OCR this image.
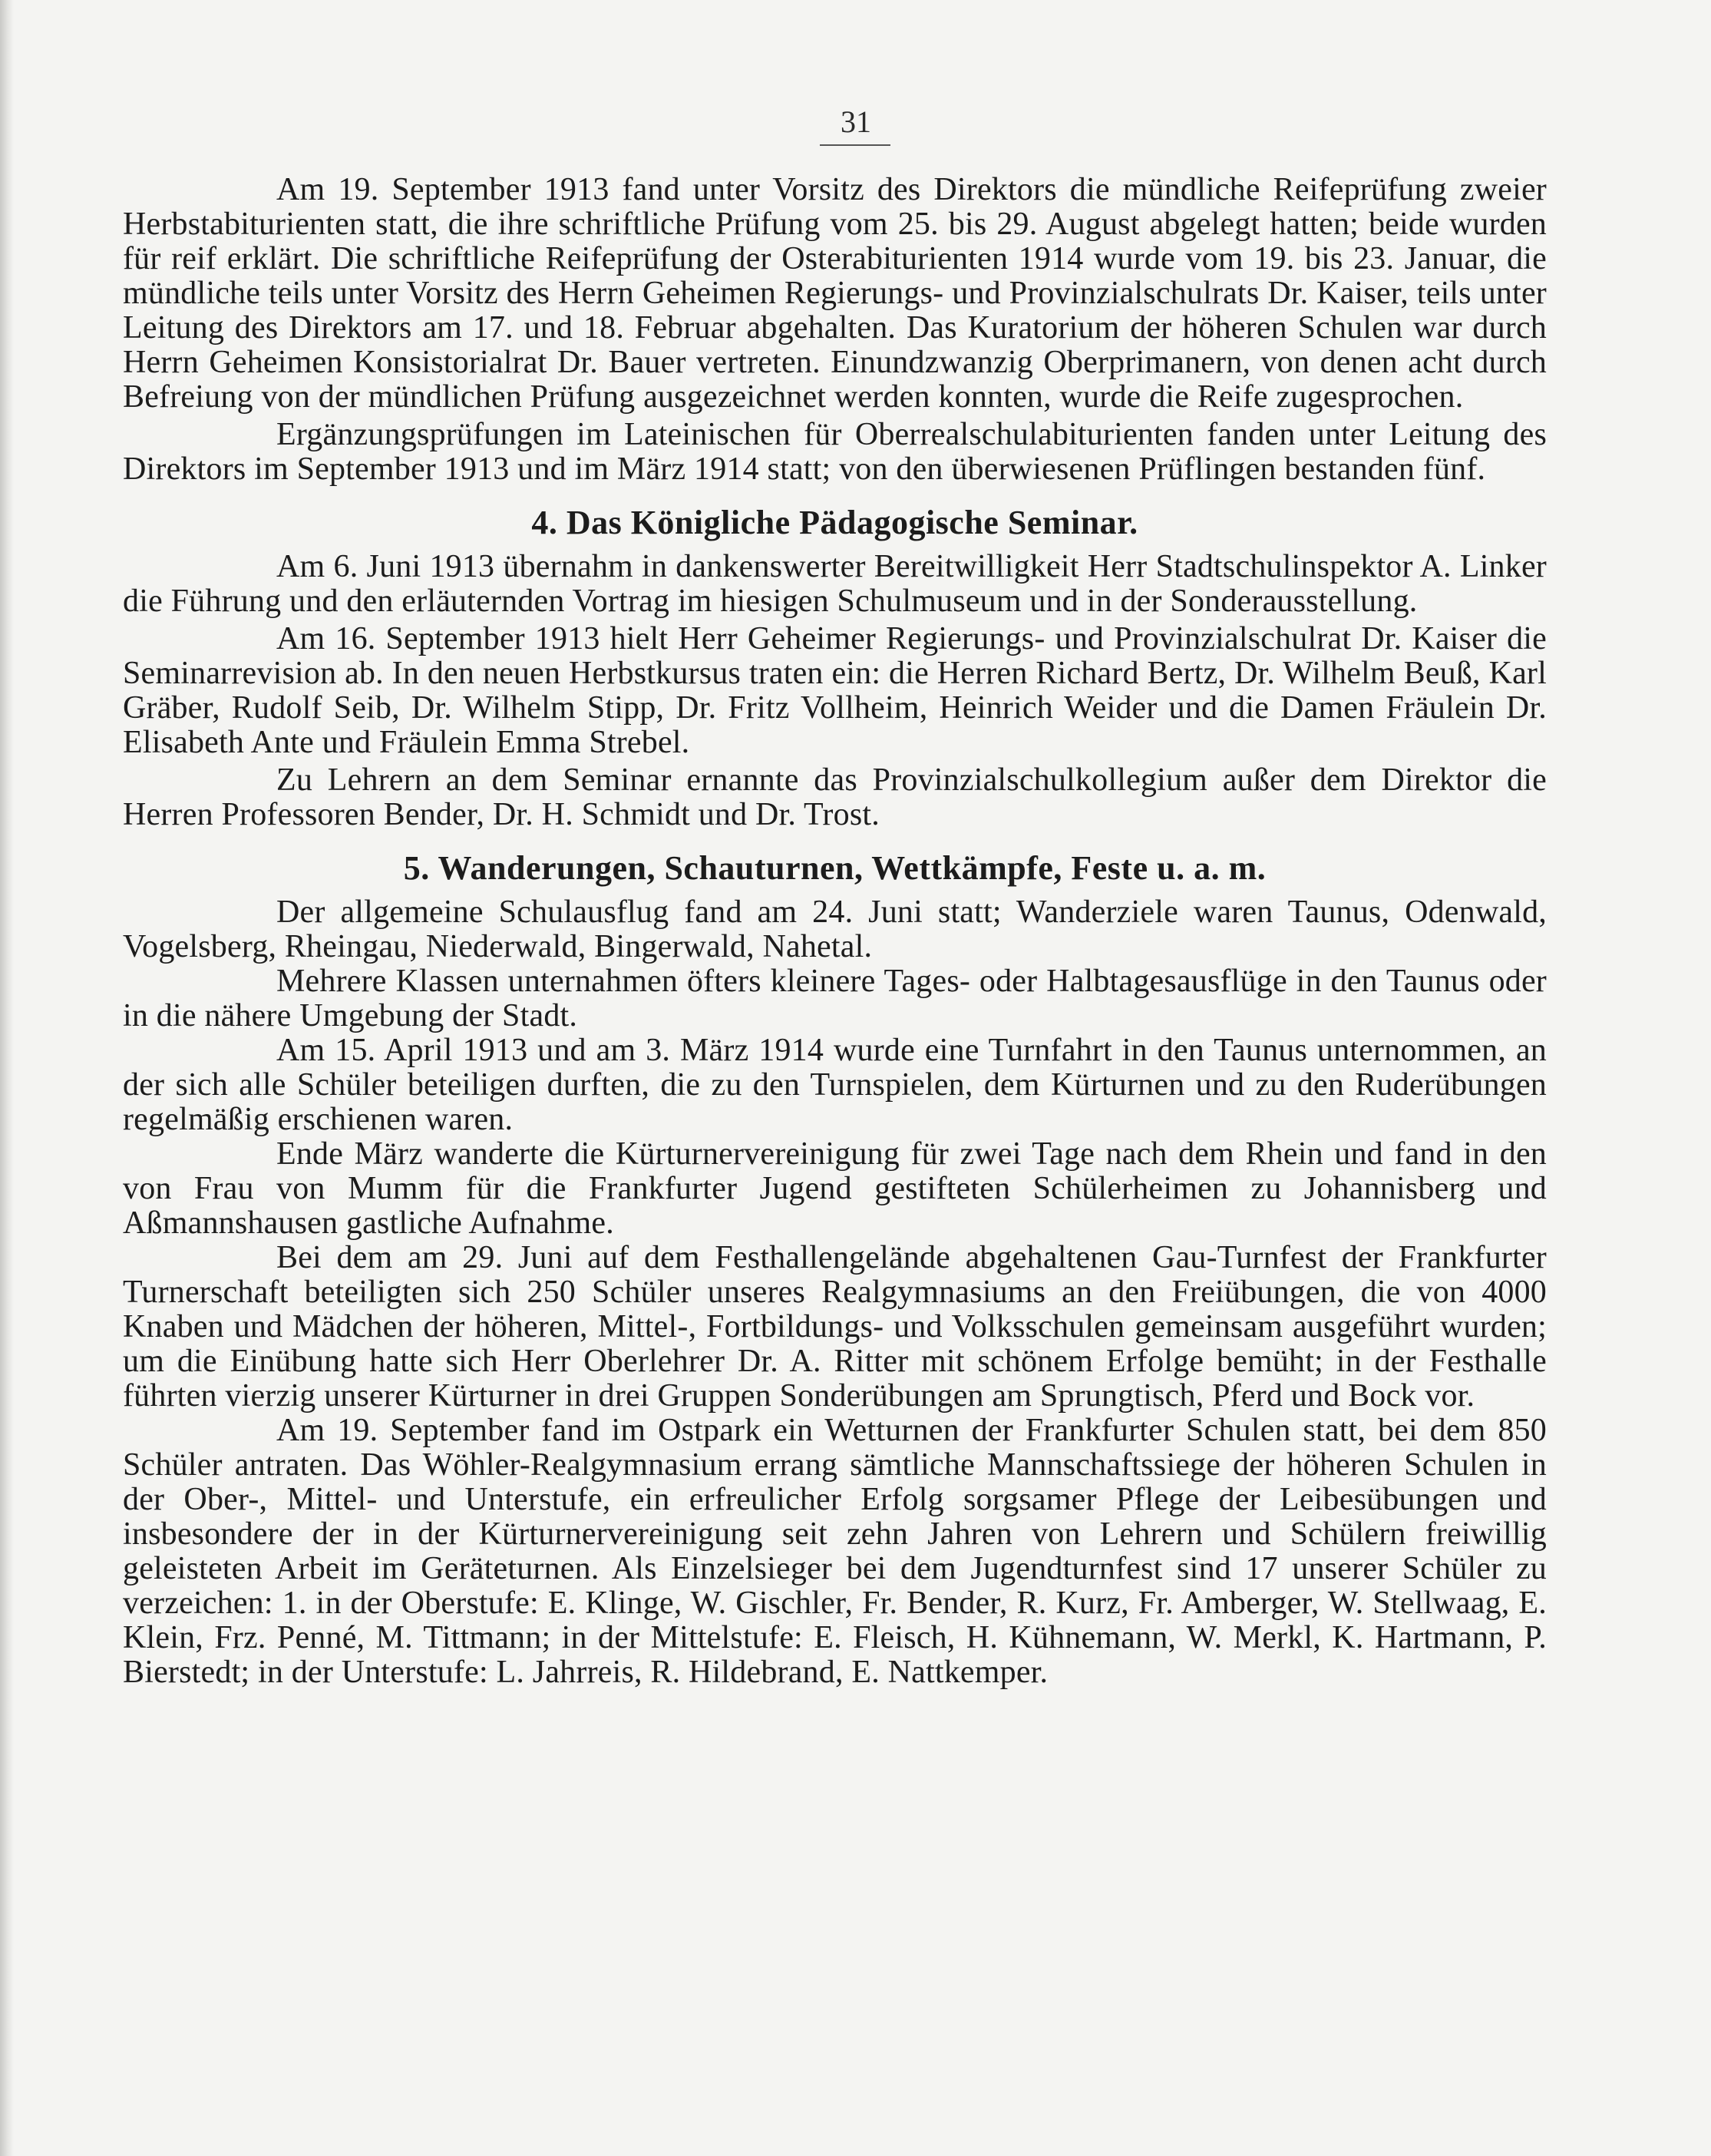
31

Am 19. September 1913 fand unter Vorsitz des Direktors die mündliche Reifeprüfung zweier Herbstabiturienten statt, die ihre schriftliche Prüfung vom 25. bis 29. August abgelegt hatten; beide wurden für reif erklärt. Die schriftliche Reifeprüfung der Osterabiturienten 1914 wurde vom 19. bis 23. Januar, die mündliche teils unter Vorsitz des Herrn Geheimen Regierungs- und Provinzialschulrats Dr. Kaiser, teils unter Leitung des Direktors am 17. und 18. Februar abgehalten. Das Kuratorium der höheren Schulen war durch Herrn Geheimen Konsistorialrat Dr. Bauer vertreten. Einundzwanzig Oberprimanern, von denen acht durch Befreiung von der mündlichen Prüfung ausgezeichnet werden konnten, wurde die Reife zugesprochen.

Ergänzungsprüfungen im Lateinischen für Oberrealschulabiturienten fanden unter Leitung des Direktors im September 1913 und im März 1914 statt; von den überwiesenen Prüflingen bestanden fünf.

4. Das Königliche Pädagogische Seminar.

Am 6. Juni 1913 übernahm in dankenswerter Bereitwilligkeit Herr Stadtschulinspektor A. Linker die Führung und den erläuternden Vortrag im hiesigen Schulmuseum und in der Sonderausstellung.

Am 16. September 1913 hielt Herr Geheimer Regierungs- und Provinzialschulrat Dr. Kaiser die Seminarrevision ab. In den neuen Herbstkursus traten ein: die Herren Richard Bertz, Dr. Wilhelm Beuß, Karl Gräber, Rudolf Seib, Dr. Wilhelm Stipp, Dr. Fritz Vollheim, Heinrich Weider und die Damen Fräulein Dr. Elisabeth Ante und Fräulein Emma Strebel.

Zu Lehrern an dem Seminar ernannte das Provinzialschulkollegium außer dem Direktor die Herren Professoren Bender, Dr. H. Schmidt und Dr. Trost.

5. Wanderungen, Schauturnen, Wettkämpfe, Feste u. a. m.

Der allgemeine Schulausflug fand am 24. Juni statt; Wanderziele waren Taunus, Odenwald, Vogelsberg, Rheingau, Niederwald, Bingerwald, Nahetal.

Mehrere Klassen unternahmen öfters kleinere Tages- oder Halbtagesausflüge in den Taunus oder in die nähere Umgebung der Stadt.

Am 15. April 1913 und am 3. März 1914 wurde eine Turnfahrt in den Taunus unternommen, an der sich alle Schüler beteiligen durften, die zu den Turnspielen, dem Kürturnen und zu den Ruderübungen regelmäßig erschienen waren.

Ende März wanderte die Kürturnervereinigung für zwei Tage nach dem Rhein und fand in den von Frau von Mumm für die Frankfurter Jugend gestifteten Schülerheimen zu Johannisberg und Aßmannshausen gastliche Aufnahme.

Bei dem am 29. Juni auf dem Festhallengelände abgehaltenen Gau-Turnfest der Frankfurter Turnerschaft beteiligten sich 250 Schüler unseres Realgymnasiums an den Freiübungen, die von 4000 Knaben und Mädchen der höheren, Mittel-, Fortbildungs- und Volksschulen gemeinsam ausgeführt wurden; um die Einübung hatte sich Herr Oberlehrer Dr. A. Ritter mit schönem Erfolge bemüht; in der Festhalle führten vierzig unserer Kürturner in drei Gruppen Sonderübungen am Sprungtisch, Pferd und Bock vor.

Am 19. September fand im Ostpark ein Wetturnen der Frankfurter Schulen statt, bei dem 850 Schüler antraten. Das Wöhler-Realgymnasium errang sämtliche Mannschaftssiege der höheren Schulen in der Ober-, Mittel- und Unterstufe, ein erfreulicher Erfolg sorgsamer Pflege der Leibesübungen und insbesondere der in der Kürturnervereinigung seit zehn Jahren von Lehrern und Schülern freiwillig geleisteten Arbeit im Geräteturnen. Als Einzelsieger bei dem Jugendturnfest sind 17 unserer Schüler zu verzeichen: 1. in der Oberstufe: E. Klinge, W. Gischler, Fr. Bender, R. Kurz, Fr. Amberger, W. Stellwaag, E. Klein, Frz. Penné, M. Tittmann; in der Mittelstufe: E. Fleisch, H. Kühnemann, W. Merkl, K. Hartmann, P. Bierstedt; in der Unterstufe: L. Jahrreis, R. Hildebrand, E. Nattkemper.
